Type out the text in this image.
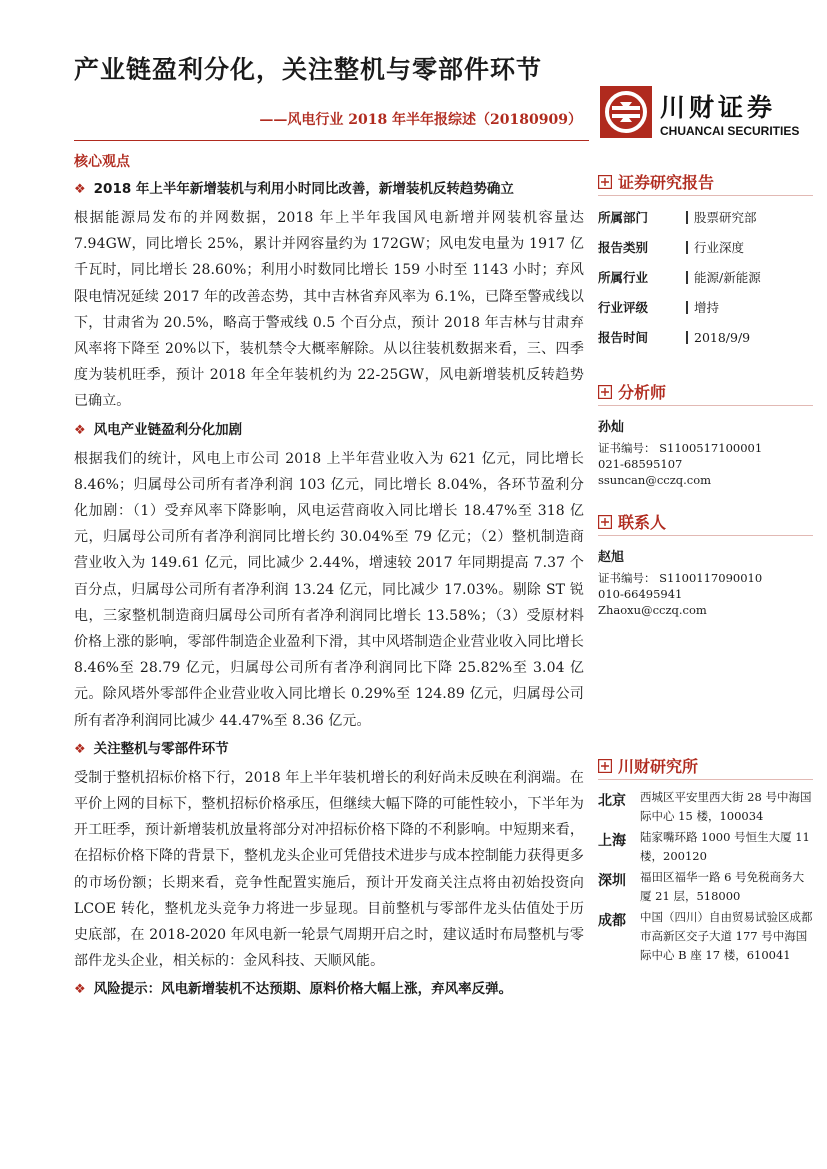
产业链盈利分化，关注整机与零部件环节
——风电行业 2018 年半年报综述（20180909）	川财证券
CHUANCAI SECURITIES
核心观点
❖ 2018 年上半年新增装机与利用小时同比改善，新增装机反转趋势确立
根据能源局发布的并网数据，2018 年上半年我国风电新增并网装机容量达 7.94GW，同比增长 25%，累计并网容量约为 172GW；风电发电量为 1917 亿千瓦时，同比增长 28.60%；利用小时数同比增长 159 小时至 1143 小时；弃风限电情况延续 2017 年的改善态势，其中吉林省弃风率为 6.1%，已降至警戒线以下，甘肃省为 20.5%，略高于警戒线 0.5 个百分点，预计 2018 年吉林与甘肃弃风率将下降至 20%以下，装机禁令大概率解除。从以往装机数据来看，三、四季度为装机旺季，预计 2018 年全年装机约为 22-25GW，风电新增装机反转趋势已确立。
❖ 风电产业链盈利分化加剧
根据我们的统计，风电上市公司 2018 上半年营业收入为 621 亿元，同比增长 8.46%；归属母公司所有者净利润 103 亿元，同比增长 8.04%，各环节盈利分化加剧：（1）受弃风率下降影响，风电运营商收入同比增长 18.47%至 318 亿元，归属母公司所有者净利润同比增长约 30.04%至 79 亿元；（2）整机制造商营业收入为 149.61 亿元，同比减少 2.44%，增速较 2017 年同期提高 7.37 个百分点，归属母公司所有者净利润 13.24 亿元，同比减少 17.03%。剔除 ST 锐电，三家整机制造商归属母公司所有者净利润同比增长 13.58%；（3）受原材料价格上涨的影响，零部件制造企业盈利下滑，其中风塔制造企业营业收入同比增长 8.46%至 28.79 亿元，归属母公司所有者净利润同比下降 25.82%至 3.04 亿元。除风塔外零部件企业营业收入同比增长 0.29%至 124.89 亿元，归属母公司所有者净利润同比减少 44.47%至 8.36 亿元。
❖ 关注整机与零部件环节
受制于整机招标价格下行，2018 年上半年装机增长的利好尚未反映在利润端。在平价上网的目标下，整机招标价格承压，但继续大幅下降的可能性较小，下半年为开工旺季，预计新增装机放量将部分对冲招标价格下降的不利影响。中短期来看，在招标价格下降的背景下，整机龙头企业可凭借技术进步与成本控制能力获得更多的市场份额；长期来看，竞争性配置实施后，预计开发商关注点将由初始投资向 LCOE 转化，整机龙头竞争力将进一步显现。目前整机与零部件龙头估值处于历史底部，在 2018-2020 年风电新一轮景气周期开启之时，建议适时布局整机与零部件龙头企业，相关标的：金风科技、天顺风能。
❖ 风险提示：风电新增装机不达预期、原料价格大幅上涨，弃风率反弹。
证券研究报告
所属部门	股票研究部
报告类别	行业深度
所属行业	能源/新能源
行业评级	增持
报告时间	2018/9/9
分析师
孙灿
证书编号： S1100517100001
021-68595107
ssuncan@cczq.com
联系人
赵旭
证书编号： S1100117090010
010-66495941
Zhaoxu@cczq.com
川财研究所
北京	西城区平安里西大街 28 号中海国际中心 15 楼，100034
上海	陆家嘴环路 1000 号恒生大厦 11 楼，200120
深圳	福田区福华一路 6 号免税商务大厦 21 层，518000
成都	中国（四川）自由贸易试验区成都市高新区交子大道 177 号中海国际中心 B 座 17 楼，610041
